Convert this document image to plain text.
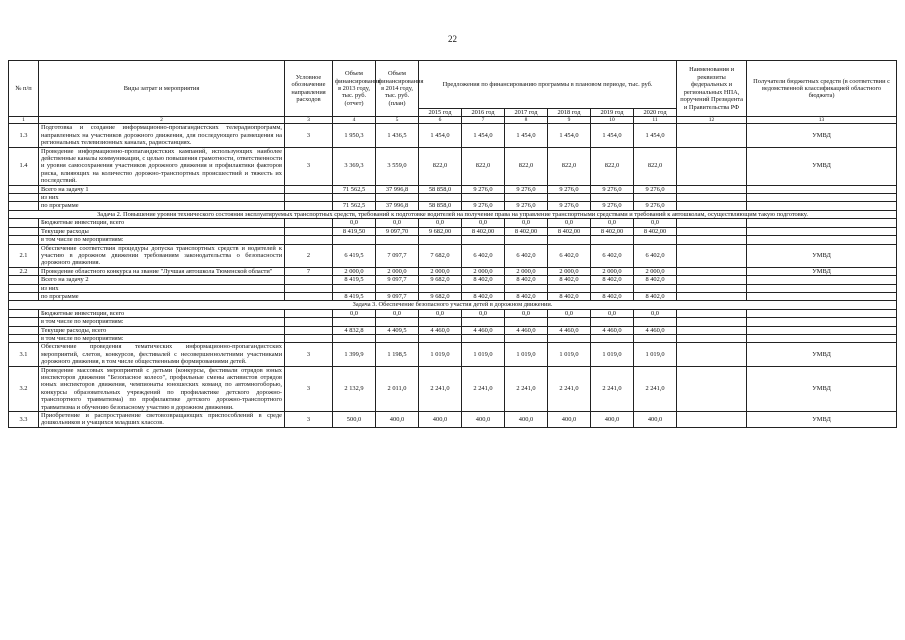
22
№ п/п	Виды затрат и мероприятия	Условное обозначение направления расходов	Объем финансирования в 2013 году, тыс. руб. (отчет)	Объем финансирования в 2014 году, тыс. руб. (план)	Предложения по финансированию программы в плановом периоде, тыс. руб.						Наименования и реквизиты федеральных и региональных НПА, поручений Президента и Правительства РФ	Получатели бюджетных средств (в соответствии с ведомственной классификацией областного бюджета)
					2015 год	2016 год	2017 год	2018 год	2019 год	2020 год		
1	2	3	4	5	6	7	8	9	10	11	12	13
1.3	Подготовка и создание информационно-пропагандистских телерадиопрограмм, направленных на участников дорожного движения, для последующего размещения на региональных телевизионных каналах, радиостанциях.	3	1 950,3	1 436,5	1 454,0	1 454,0	1 454,0	1 454,0	1 454,0	1 454,0		УМВД
1.4	Проведение информационно-пропагандистских кампаний, использующих наиболее действенные каналы коммуникации, с целью повышения грамотности, ответственности и уровня самосохранения участников дорожного движения и профилактики факторов риска, влияющих на количество дорожно-транспортных происшествий и тяжесть их последствий.	3	3 369,3	3 559,0	822,0	822,0	822,0	822,0	822,0	822,0		УМВД
	Всего на задачу 1		71 562,5	37 996,8	58 858,0	9 276,0	9 276,0	9 276,0	9 276,0	9 276,0		
	из них											
	по программе		71 562,5	37 996,8	58 858,0	9 276,0	9 276,0	9 276,0	9 276,0	9 276,0		
Задача 2. Повышение уровня технического состояния эксплуатируемых транспортных средств, требований к подготовке водителей на получение права на управление транспортными средствами и требований к автошколам, осуществляющим такую подготовку.												
	Бюджетные инвестиции, всего		0,0	0,0	0,0	0,0	0,0	0,0	0,0	0,0		
	Текущие расходы		8 419,50	9 097,70	9 682,00	8 402,00	8 402,00	8 402,00	8 402,00	8 402,00		
	в том числе по мероприятиям:											
2.1	Обеспечение соответствия процедуры допуска транспортных средств и водителей к участию в дорожном движении требованиям законодательства о безопасности дорожного движения.	2	6 419,5	7 097,7	7 682,0	6 402,0	6 402,0	6 402,0	6 402,0	6 402,0		УМВД
2.2	Проведение областного конкурса на звание "Лучшая автошкола Тюменской области"	7	2 000,0	2 000,0	2 000,0	2 000,0	2 000,0	2 000,0	2 000,0	2 000,0		УМВД
	Всего на задачу 2		8 419,5	9 097,7	9 682,0	8 402,0	8 402,0	8 402,0	8 402,0	8 402,0		
	из них											
	по программе		8 419,5	9 097,7	9 682,0	8 402,0	8 402,0	8 402,0	8 402,0	8 402,0		
Задача 3. Обеспечение безопасного участия детей в дорожном движении.												
	Бюджетные инвестиции, всего		0,0	0,0	0,0	0,0	0,0	0,0	0,0	0,0		
	в том числе по мероприятиям:											
	Текущие расходы, всего		4 832,8	4 409,5	4 460,0	4 460,0	4 460,0	4 460,0	4 460,0	4 460,0		
	в том числе по мероприятиям:											
3.1	Обеспечение проведения тематических информационно-пропагандистских мероприятий, слетов, конкурсов, фестивалей с несовершеннолетними участниками дорожного движения, в том числе общественными формированиями детей.	3	1 399,9	1 198,5	1 019,0	1 019,0	1 019,0	1 019,0	1 019,0	1 019,0		УМВД
3.2	Проведение массовых мероприятий с детьми (конкурсы, фестивали отрядов юных инспекторов движения "Безопасное колесо", профильные смены активистов отрядов юных инспекторов движения, чемпионаты юношеских команд по автомногоборью, конкурсы образовательных учреждений по профилактике детского дорожно-транспортного травматизма) по профилактике детского дорожно-транспортного травматизма и обучению безопасному участию в дорожном движении.	3	2 132,9	2 011,0	2 241,0	2 241,0	2 241,0	2 241,0	2 241,0	2 241,0		УМВД
3.3	Приобретение и распространение световозвращающих приспособлений в среде дошкольников и учащихся младших классов.	3	500,0	400,0	400,0	400,0	400,0	400,0	400,0	400,0		УМВД
